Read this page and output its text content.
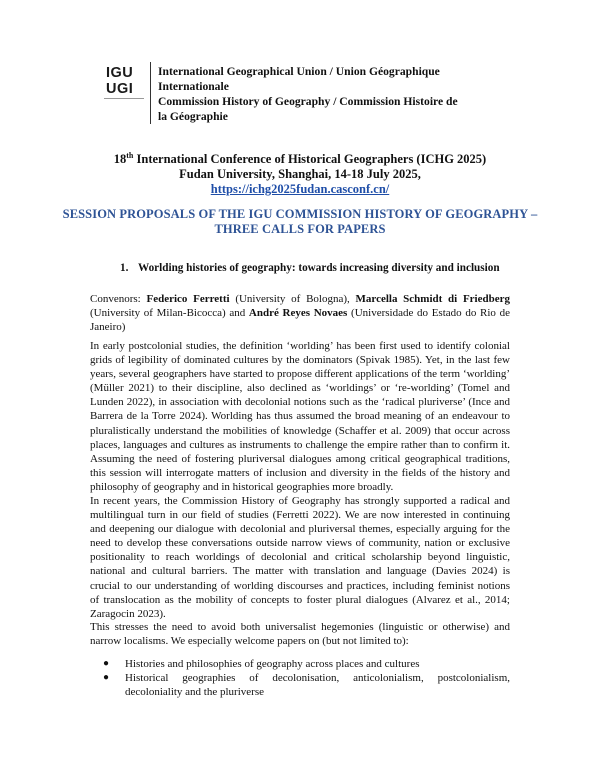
IGU
UGI
International Geographical Union / Union Géographique
Internationale
Commission History of Geography / Commission Histoire de
la Géographie
18th International Conference of Historical Geographers (ICHG 2025)
Fudan University, Shanghai, 14-18 July 2025,
https://ichg2025fudan.casconf.cn/
SESSION PROPOSALS OF THE IGU COMMISSION HISTORY OF GEOGRAPHY – THREE CALLS FOR PAPERS
1. Worlding histories of geography: towards increasing diversity and inclusion
Convenors: Federico Ferretti (University of Bologna), Marcella Schmidt di Friedberg (University of Milan-Bicocca) and André Reyes Novaes (Universidade do Estado do Rio de Janeiro)
In early postcolonial studies, the definition ‘worlding’ has been first used to identify colonial grids of legibility of dominated cultures by the dominators (Spivak 1985). Yet, in the last few years, several geographers have started to propose different applications of the term ‘worlding’ (Müller 2021) to their discipline, also declined as ‘worldings’ or ‘re-worlding’ (Tomel and Lunden 2022), in association with decolonial notions such as the ‘radical pluriverse’ (Ince and Barrera de la Torre 2024). Worlding has thus assumed the broad meaning of an endeavour to pluralistically understand the mobilities of knowledge (Schaffer et al. 2009) that occur across places, languages and cultures as instruments to challenge the empire rather than to confirm it. Assuming the need of fostering pluriversal dialogues among critical geographical traditions, this session will interrogate matters of inclusion and diversity in the fields of the history and philosophy of geography and in historical geographies more broadly.
In recent years, the Commission History of Geography has strongly supported a radical and multilingual turn in our field of studies (Ferretti 2022). We are now interested in continuing and deepening our dialogue with decolonial and pluriversal themes, especially arguing for the need to develop these conversations outside narrow views of community, nation or exclusive positionality to reach worldings of decolonial and critical scholarship beyond linguistic, national and cultural barriers. The matter with translation and language (Davies 2024) is crucial to our understanding of worlding discourses and practices, including feminist notions of translocation as the mobility of concepts to foster plural dialogues (Alvarez et al., 2014; Zaragocin 2023).
This stresses the need to avoid both universalist hegemonies (linguistic or otherwise) and narrow localisms. We especially welcome papers on (but not limited to):
● Histories and philosophies of geography across places and cultures
● Historical geographies of decolonisation, anticolonialism, postcolonialism, decoloniality and the pluriverse
